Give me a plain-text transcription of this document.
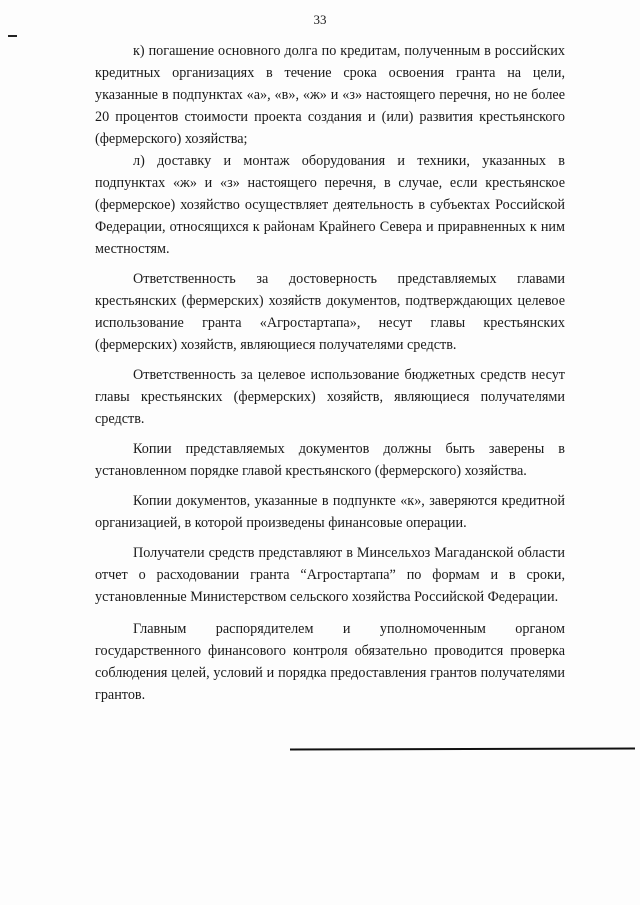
33

к) погашение основного долга по кредитам, полученным в российских кредитных организациях в течение срока освоения гранта на цели, указанные в подпунктах «а», «в», «ж» и «з» настоящего перечня, но не более 20 процентов стоимости проекта создания и (или) развития крестьянского (фермерского) хозяйства;

л) доставку и монтаж оборудования и техники, указанных в подпунктах «ж» и «з» настоящего перечня, в случае, если крестьянское (фермерское) хозяйство осуществляет деятельность в субъектах Российской Федерации, относящихся к районам Крайнего Севера и приравненных к ним местностям.

Ответственность за достоверность представляемых главами крестьянских (фермерских) хозяйств документов, подтверждающих целевое использование гранта «Агростартапа», несут главы крестьянских (фермерских) хозяйств, являющиеся получателями средств.

Ответственность за целевое использование бюджетных средств несут главы крестьянских (фермерских) хозяйств, являющиеся получателями средств.

Копии представляемых документов должны быть заверены в установленном порядке главой крестьянского (фермерского) хозяйства.

Копии документов, указанные в подпункте «к», заверяются кредитной организацией, в которой произведены финансовые операции.

Получатели средств представляют в Минсельхоз Магаданской области отчет о расходовании гранта “Агростартапа” по формам и в сроки, установленные Министерством сельского хозяйства Российской Федерации.

Главным распорядителем и уполномоченным органом государственного финансового контроля обязательно проводится проверка соблюдения целей, условий и порядка предоставления грантов получателями грантов.
